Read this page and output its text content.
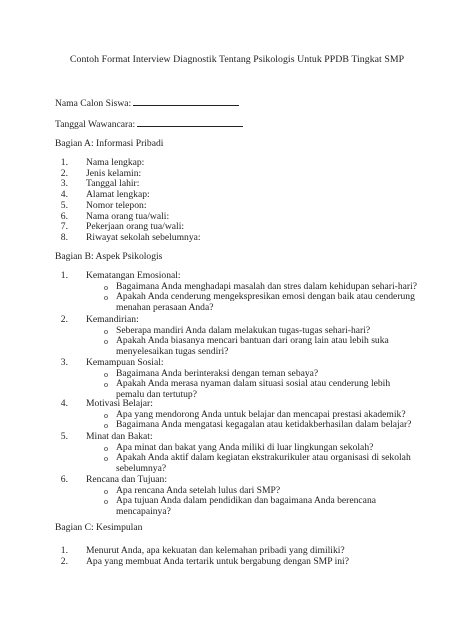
Contoh Format Interview Diagnostik Tentang Psikologis Untuk PPDB Tingkat SMP
Nama Calon Siswa:
Tanggal Wawancara:
Bagian A: Informasi Pribadi
Bagian B: Aspek Psikologis
Bagian C: Kesimpulan
1. Nama lengkap:
2. Jenis kelamin:
3. Tanggal lahir:
4. Alamat lengkap:
5. Nomor telepon:
6. Nama orang tua/wali:
7. Pekerjaan orang tua/wali:
8. Riwayat sekolah sebelumnya:
1. Kematangan Emosional:
o Bagaimana Anda menghadapi masalah dan stres dalam kehidupan sehari-hari?
o Apakah Anda cenderung mengekspresikan emosi dengan baik atau cenderung
menahan perasaan Anda?
2. Kemandirian:
o Seberapa mandiri Anda dalam melakukan tugas-tugas sehari-hari?
o Apakah Anda biasanya mencari bantuan dari orang lain atau lebih suka
menyelesaikan tugas sendiri?
3. Kemampuan Sosial:
o Bagaimana Anda berinteraksi dengan teman sebaya?
o Apakah Anda merasa nyaman dalam situasi sosial atau cenderung lebih
pemalu dan tertutup?
4. Motivasi Belajar:
o Apa yang mendorong Anda untuk belajar dan mencapai prestasi akademik?
o Bagaimana Anda mengatasi kegagalan atau ketidakberhasilan dalam belajar?
5. Minat dan Bakat:
o Apa minat dan bakat yang Anda miliki di luar lingkungan sekolah?
o Apakah Anda aktif dalam kegiatan ekstrakurikuler atau organisasi di sekolah
sebelumnya?
6. Rencana dan Tujuan:
o Apa rencana Anda setelah lulus dari SMP?
o Apa tujuan Anda dalam pendidikan dan bagaimana Anda berencana
mencapainya?
1. Menurut Anda, apa kekuatan dan kelemahan pribadi yang dimiliki?
2. Apa yang membuat Anda tertarik untuk bergabung dengan SMP ini?
